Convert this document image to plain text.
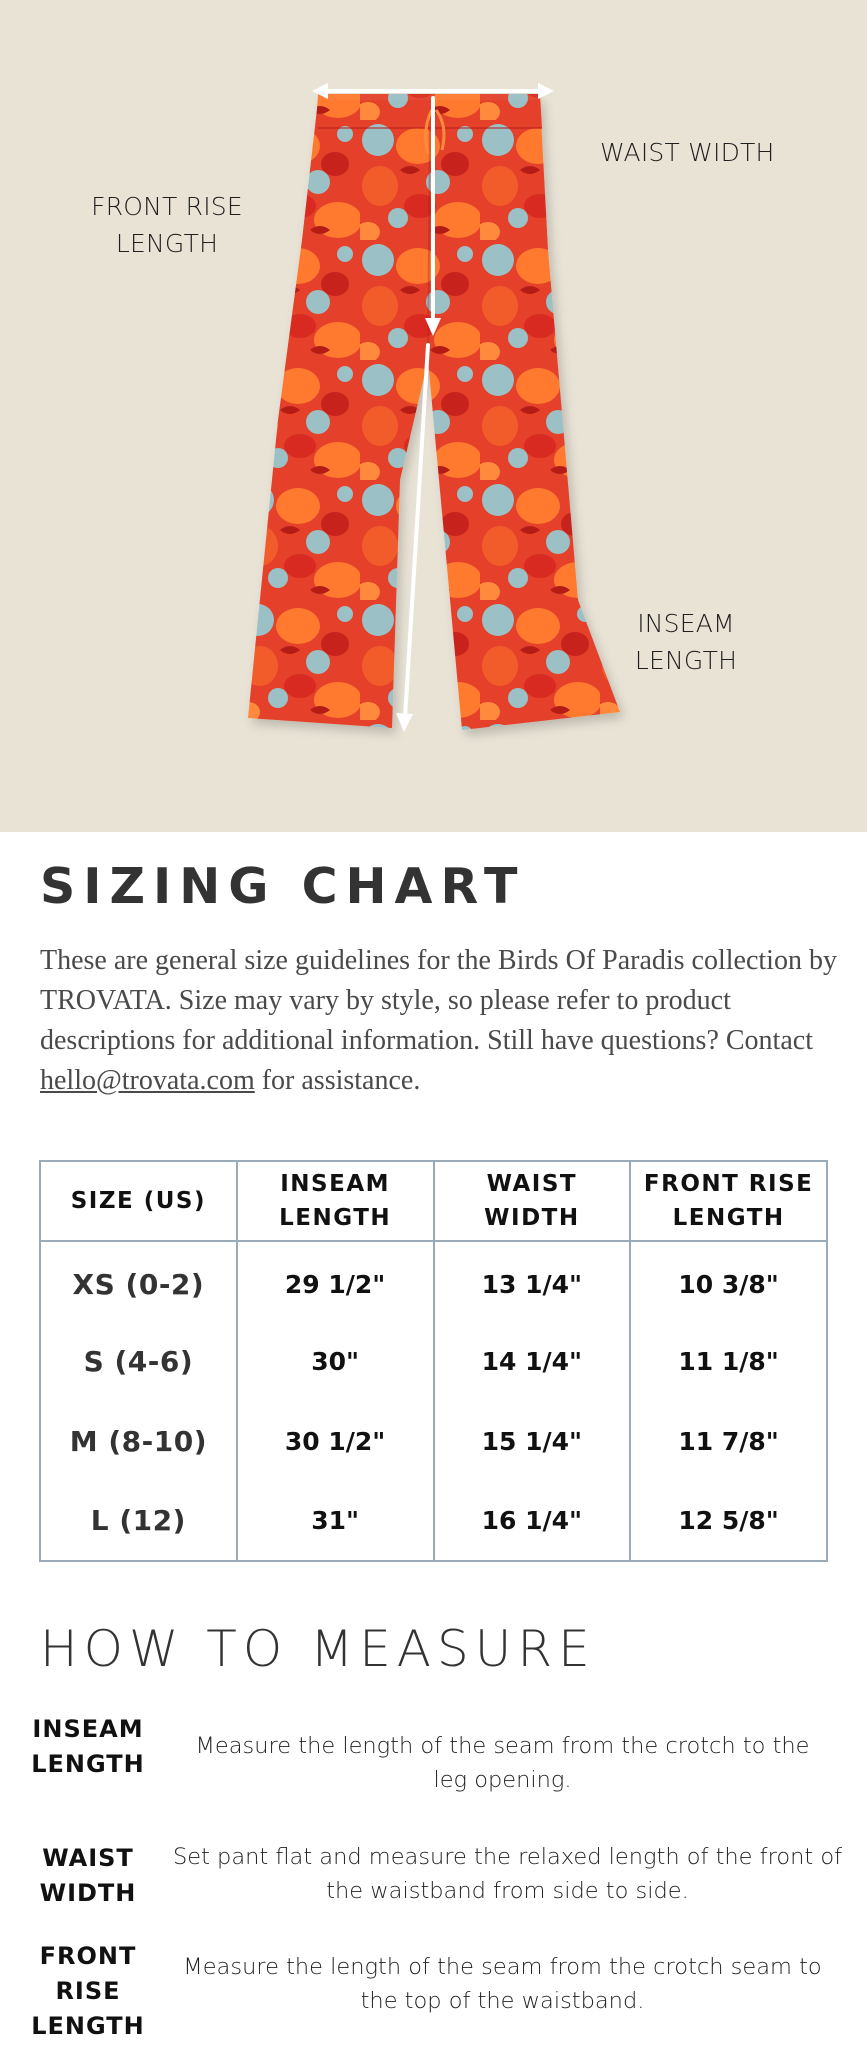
WAIST WIDTH
FRONT RISE LENGTH
INSEAM LENGTH
SIZING CHART

These are general size guidelines for the Birds Of Paradis collection by TROVATA. Size may vary by style, so please refer to product descriptions for additional information. Still have questions? Contact hello@trovata.com for assistance.

SIZE (US)	INSEAM LENGTH	WAIST WIDTH	FRONT RISE LENGTH
XS (0-2)	29 1/2"	13 1/4"	10 3/8"
S (4-6)	30"	14 1/4"	11 1/8"
M (8-10)	30 1/2"	15 1/4"	11 7/8"
L (12)	31"	16 1/4"	12 5/8"
HOW TO MEASURE
INSEAM LENGTH
Measure the length of the seam from the crotch to the leg opening.
WAIST WIDTH
Set pant flat and measure the relaxed length of the front of the waistband from side to side.
FRONT RISE LENGTH
Measure the length of the seam from the crotch seam to the top of the waistband.
